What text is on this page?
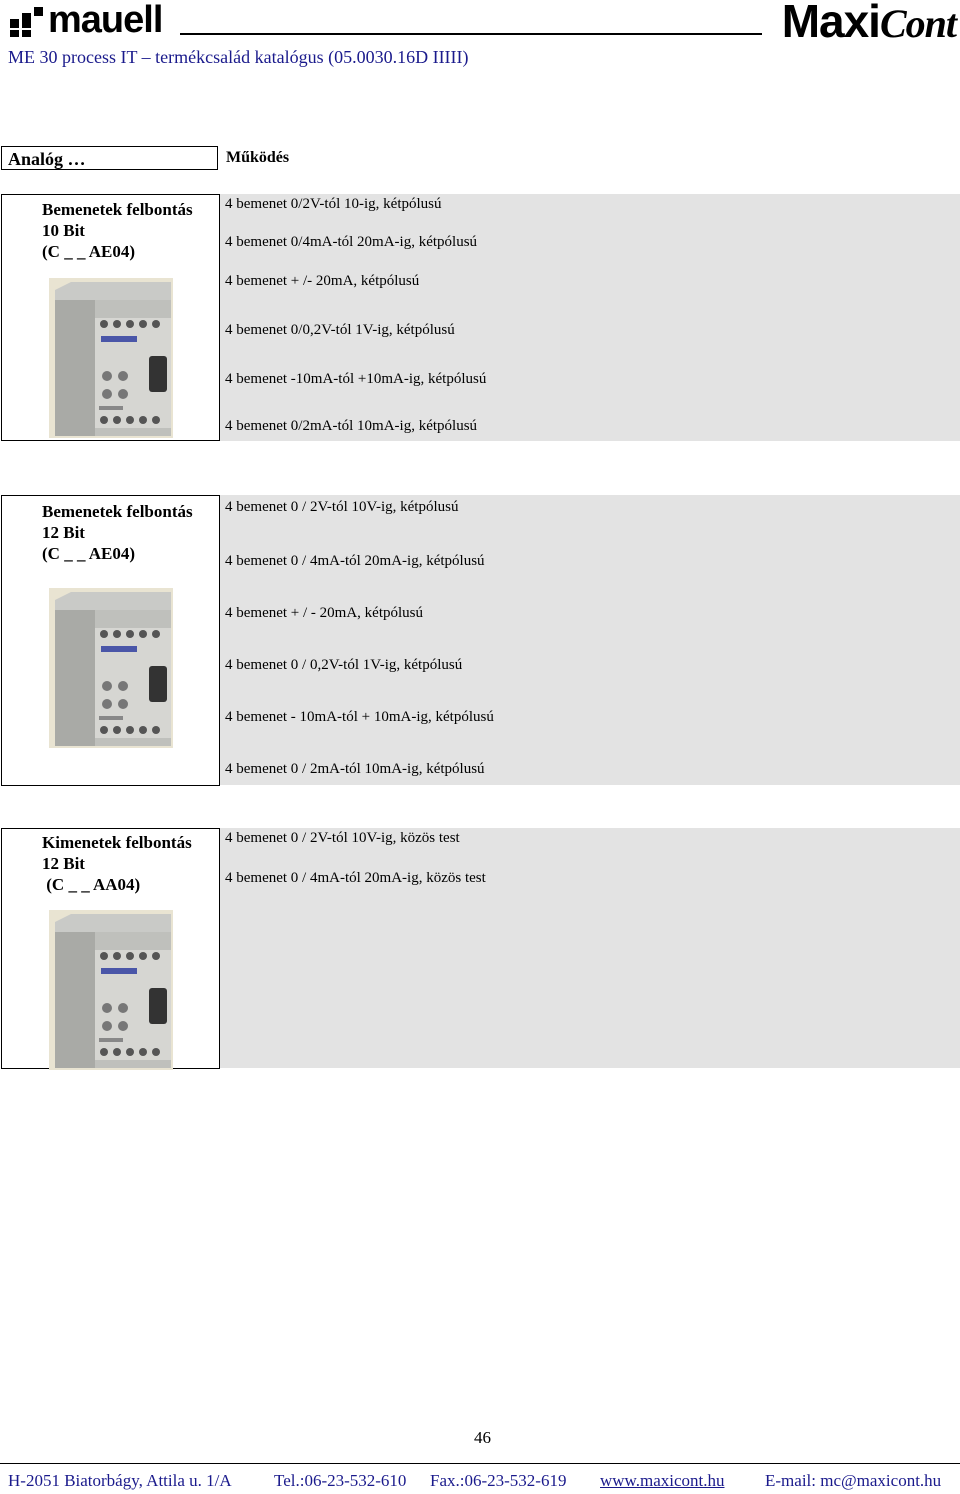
mauell	MaxiCont
ME 30 process IT – termékcsalád katalógus (05.0030.16D IIIII)
Analóg …	Működés
Bemenetek felbontás
10 Bit
(C _ _ AE04)
4 bemenet 0/2V-tól 10-ig, kétpólusú
4 bemenet 0/4mA-tól 20mA-ig, kétpólusú
4 bemenet + /- 20mA, kétpólusú
4 bemenet 0/0,2V-tól 1V-ig, kétpólusú
4 bemenet -10mA-tól +10mA-ig, kétpólusú
4 bemenet 0/2mA-tól 10mA-ig, kétpólusú
Bemenetek felbontás
12 Bit
(C _ _ AE04)
4 bemenet 0 / 2V-tól 10V-ig, kétpólusú
4 bemenet 0 / 4mA-tól 20mA-ig, kétpólusú
4 bemenet + / - 20mA, kétpólusú
4 bemenet 0 / 0,2V-tól 1V-ig, kétpólusú
4 bemenet - 10mA-tól + 10mA-ig, kétpólusú
4 bemenet 0 / 2mA-tól 10mA-ig, kétpólusú
Kimenetek felbontás
12 Bit
(C _ _ AA04)
4 bemenet 0 / 2V-tól 10V-ig, közös test
4 bemenet 0 / 4mA-tól 20mA-ig, közös test
46
H-2051 Biatorbágy, Attila u. 1/A Tel.:06-23-532-610 Fax.:06-23-532-619 www.maxicont.hu E-mail: mc@maxicont.hu
